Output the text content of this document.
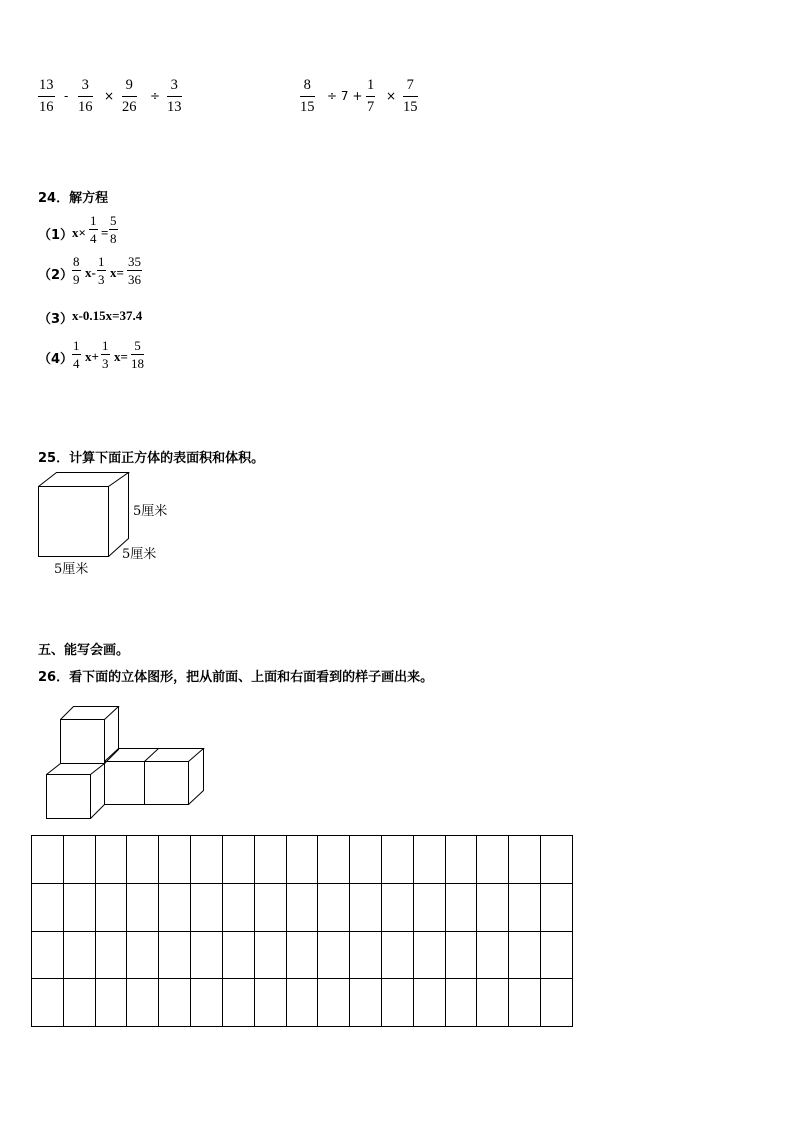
13
16
-
3
16
×
9
26
÷
3
13
8
15
÷ 7 +
1
7
×
7
15
24．解方程
（1）
x×
1
4 =
5
8
（2）
8
9 x-
1
3 x=
35
36
（3）
x-0.15x=37.4
（4）
1
4 x+
1
3 x=
5
18
25．计算下面正方体的表面积和体积。
5厘米
5厘米
5厘米
五、能写会画。
26．看下面的立体图形，把从前面、上面和右面看到的样子画出来。
